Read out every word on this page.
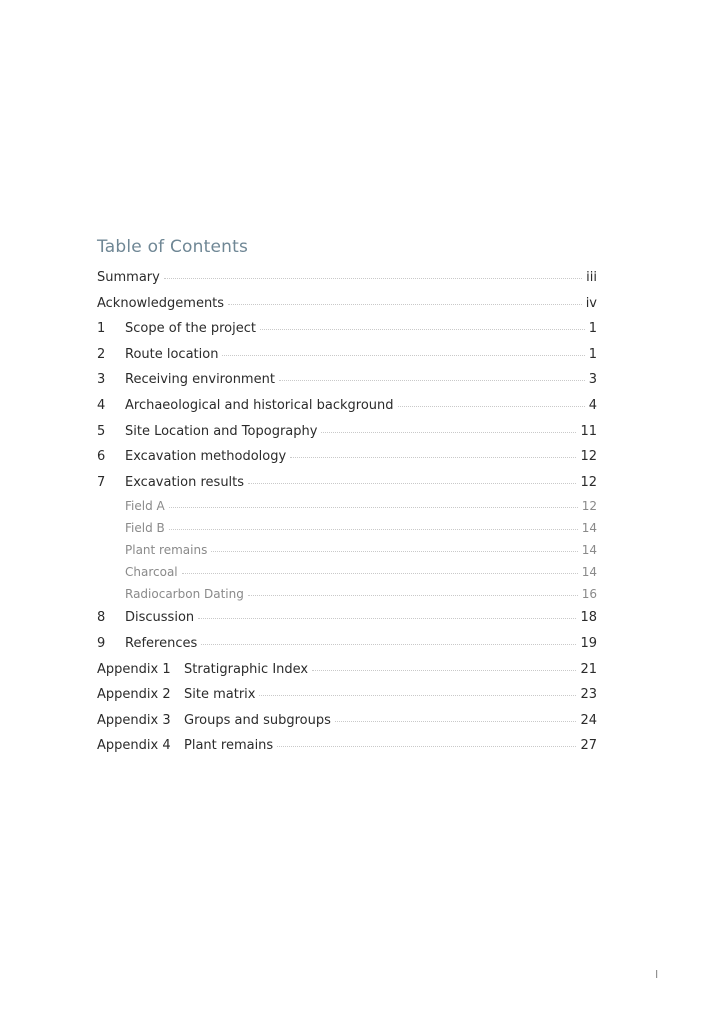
Table of Contents
Summary	iii
Acknowledgements	iv
1	Scope of the project	1
2	Route location	1
3	Receiving environment	3
4	Archaeological and historical background	4
5	Site Location and Topography	11
6	Excavation methodology	12
7	Excavation results	12
Field A	12
Field B	14
Plant remains	14
Charcoal	14
Radiocarbon Dating	16
8	Discussion	18
9	References	19
Appendix 1	Stratigraphic Index	21
Appendix 2	Site matrix	23
Appendix 3	Groups and subgroups	24
Appendix 4	Plant remains	27
I
